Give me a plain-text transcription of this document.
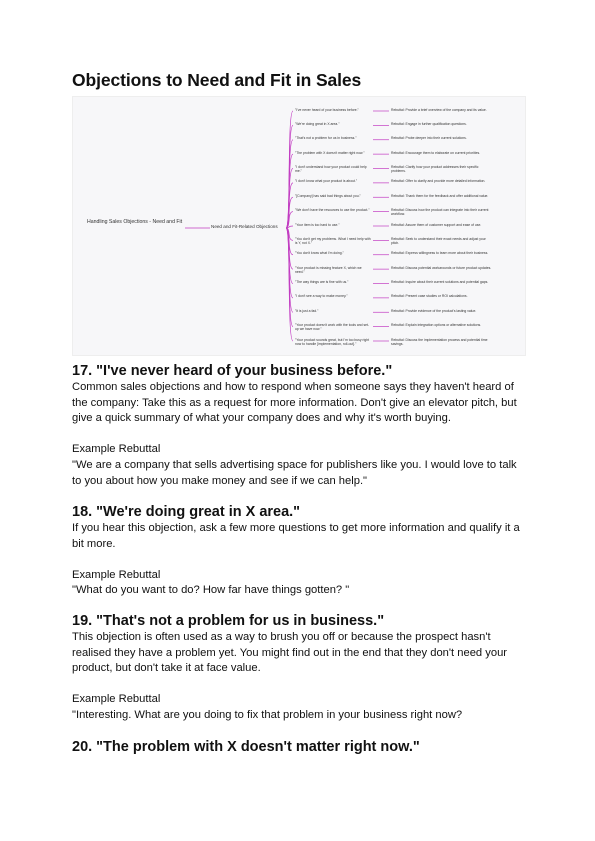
Objections to Need and Fit in Sales
Handling Sales Objections - Need and Fit
Need and Fit-Related Objections
"I've never heard of your business before."	Rebuttal: Provide a brief overview of the company and its value.
"We're doing great in X area."	Rebuttal: Engage in further qualification questions.
"That's not a problem for us in business."	Rebuttal: Probe deeper into their current solutions.
"The problem with X doesn't matter right now."	Rebuttal: Encourage them to elaborate on current priorities.
"I don't understand how your product could help me."
Rebuttal: Clarify how your product addresses their specific problems.
"I don't know what your product is about."	Rebuttal: Offer to clarify and provide more detailed information.
"[Company] has said bad things about you."	Rebuttal: Thank them for the feedback and offer additional value.
"We don't have the resources to use the product."	Rebuttal: Discuss how the product can integrate into their current workflow.
"Your item is too hard to use."	Rebuttal: Assure them of customer support and ease of use.
"You don't get my problems. What I need help with is Y, not X."
Rebuttal: Seek to understand their exact needs and adjust your pitch.
"You don't know what I'm doing."	Rebuttal: Express willingness to learn more about their business.
"Your product is missing feature X, which we need."
Rebuttal: Discuss potential workarounds or future product updates.
"The way things are is fine with us."	Rebuttal: Inquire about their current solutions and potential gaps.
"I don't see a way to make money."	Rebuttal: Present case studies or ROI calculations.
"It is just a fad."	Rebuttal: Provide evidence of the product's lasting value.
"Your product doesn't work with the tools and set-up we have now."
Rebuttal: Explain integration options or alternative solutions.
"Your product sounds great, but I'm too busy right now to handle [implementation, roll-out]."
Rebuttal: Discuss the implementation process and potential time savings.
17. "I've never heard of your business before."

Common sales objections and how to respond when someone says they haven't heard of the company: Take this as a request for more information. Don't give an elevator pitch, but give a quick summary of what your company does and why it's worth buying.

Example Rebuttal

"We are a company that sells advertising space for publishers like you. I would love to talk to you about how you make money and see if we can help."

18. "We're doing great in X area."

If you hear this objection, ask a few more questions to get more information and qualify it a bit more.

Example Rebuttal

"What do you want to do? How far have things gotten? "

19. "That's not a problem for us in business."

This objection is often used as a way to brush you off or because the prospect hasn't realised they have a problem yet. You might find out in the end that they don't need your product, but don't take it at face value.

Example Rebuttal

"Interesting. What are you doing to fix that problem in your business right now?

20. "The problem with X doesn't matter right now."
